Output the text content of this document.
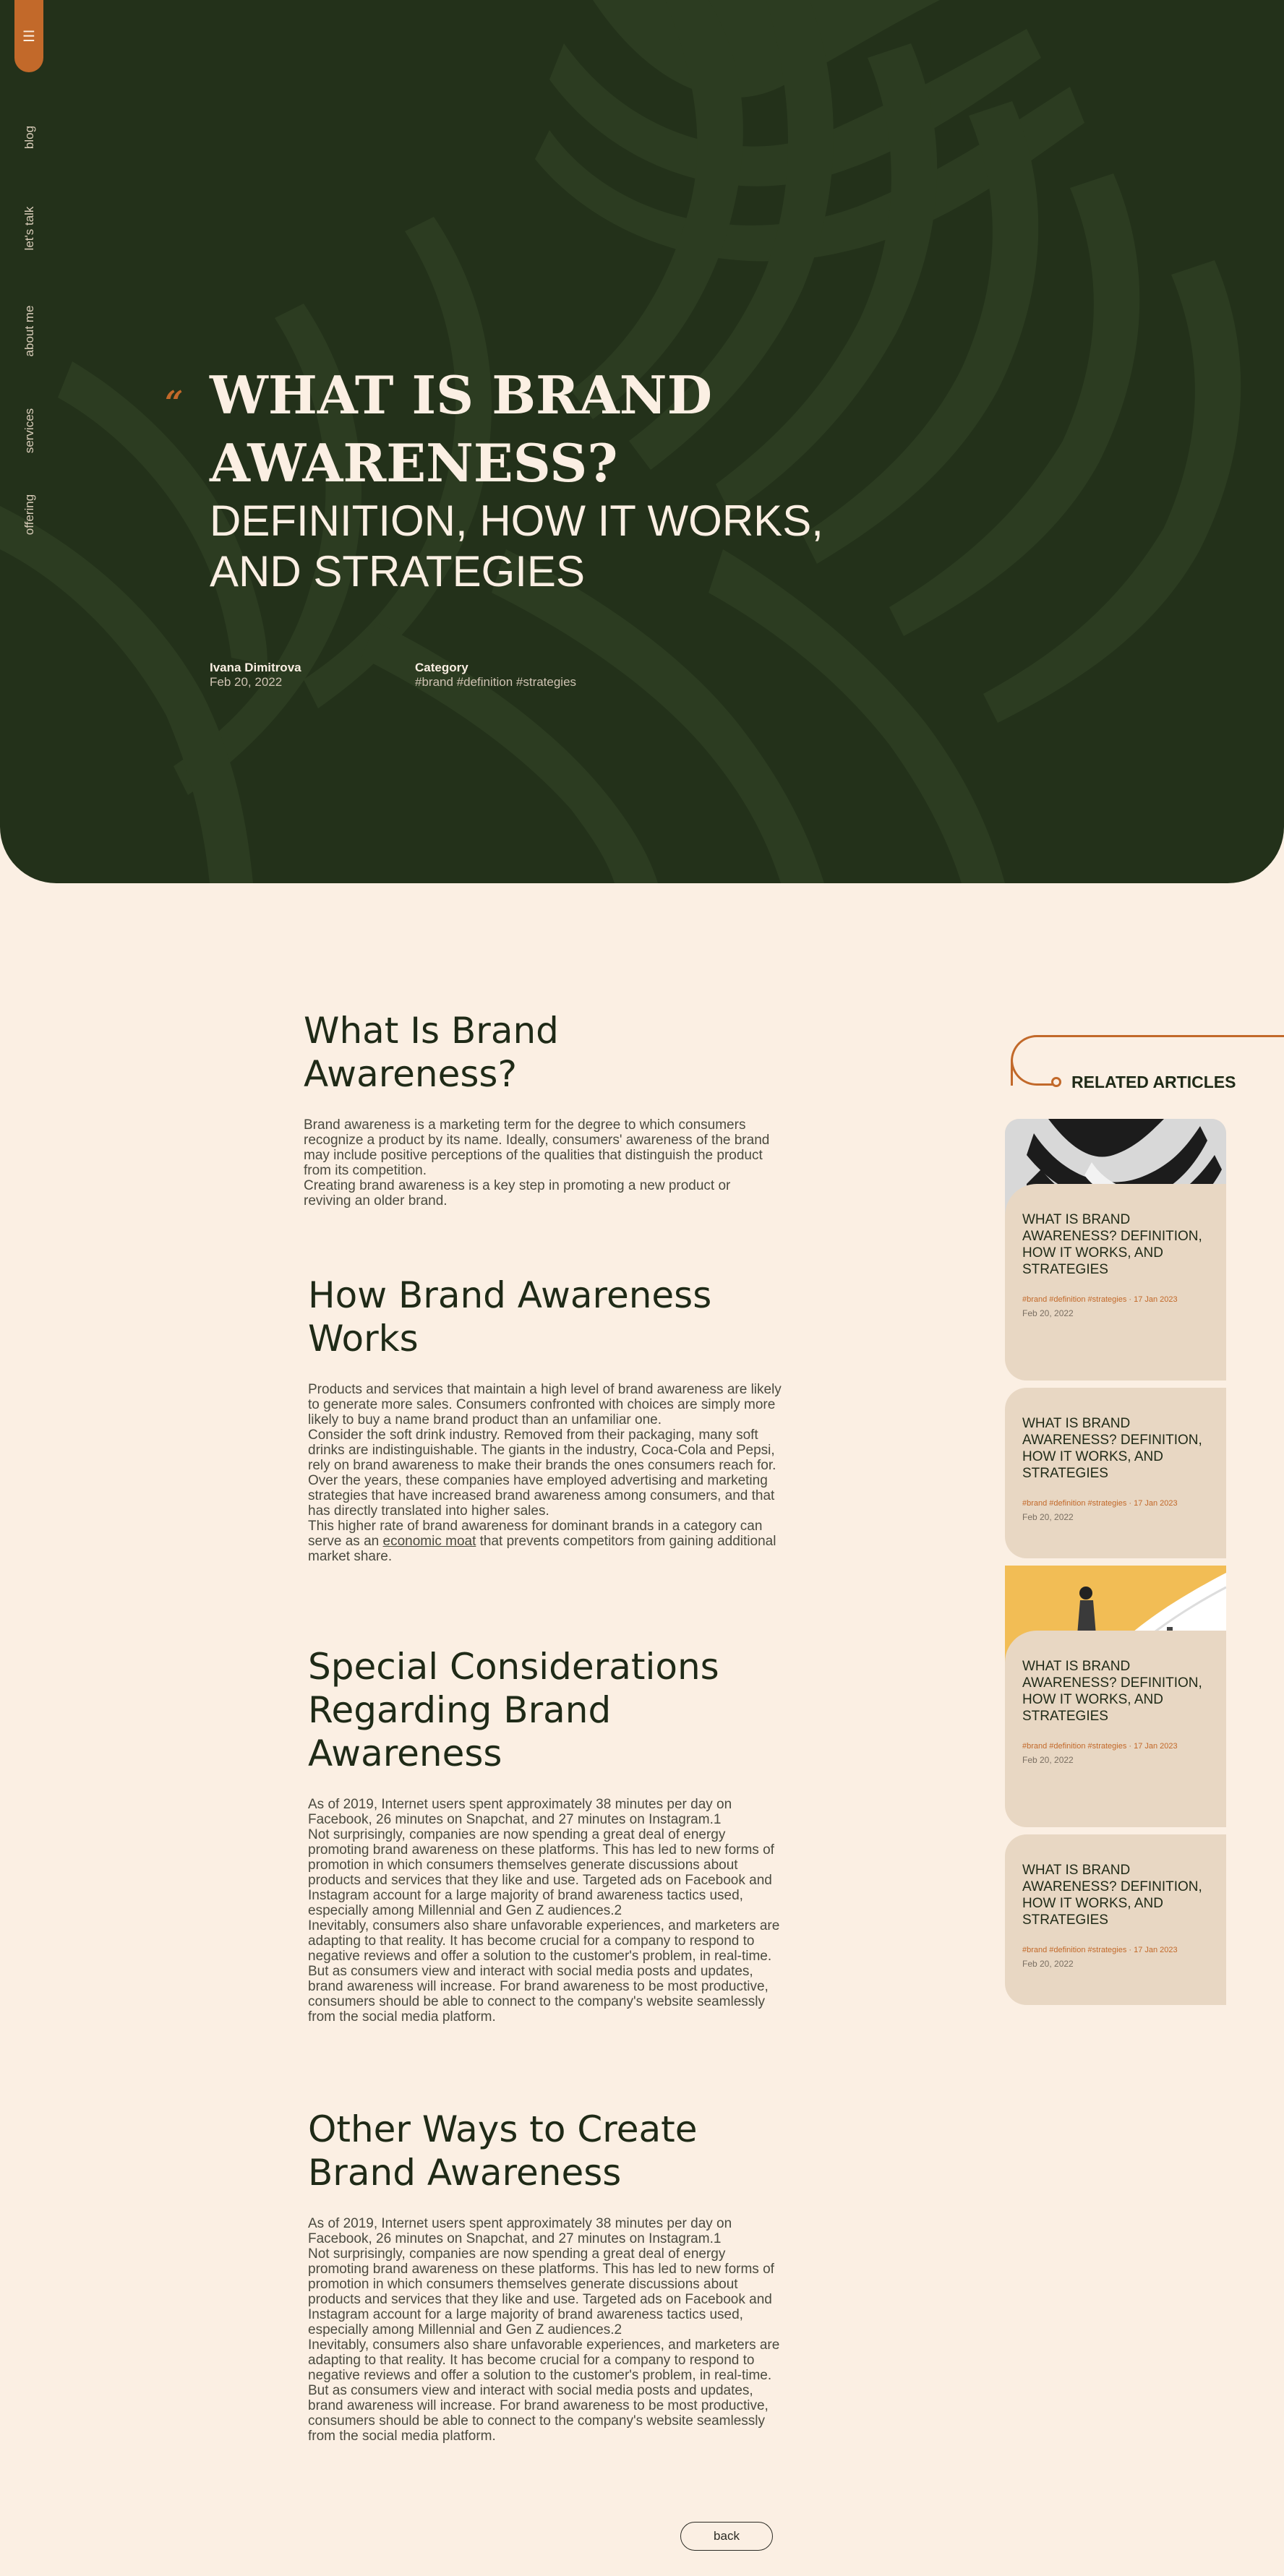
☰
blog
let's talk
about me
services
offering
“ WHAT IS BRAND AWARENESS?
DEFINITION, HOW IT WORKS, AND STRATEGIES
Ivana Dimitrova
Feb 20, 2022
Category
#brand #definition #strategies
What Is Brand Awareness?

Brand awareness is a marketing term for the degree to which consumers recognize a product by its name. Ideally, consumers' awareness of the brand may include positive perceptions of the qualities that distinguish the product from its competition.
Creating brand awareness is a key step in promoting a new product or reviving an older brand.

How Brand Awareness Works

Products and services that maintain a high level of brand awareness are likely to generate more sales. Consumers confronted with choices are simply more likely to buy a name brand product than an unfamiliar one.
Consider the soft drink industry. Removed from their packaging, many soft drinks are indistinguishable. The giants in the industry, Coca-Cola and Pepsi, rely on brand awareness to make their brands the ones consumers reach for. Over the years, these companies have employed advertising and marketing strategies that have increased brand awareness among consumers, and that has directly translated into higher sales.
This higher rate of brand awareness for dominant brands in a category can serve as an economic moat that prevents competitors from gaining additional market share.

Special Considerations Regarding Brand Awareness

As of 2019, Internet users spent approximately 38 minutes per day on Facebook, 26 minutes on Snapchat, and 27 minutes on Instagram.1
Not surprisingly, companies are now spending a great deal of energy promoting brand awareness on these platforms. This has led to new forms of promotion in which consumers themselves generate discussions about products and services that they like and use. Targeted ads on Facebook and Instagram account for a large majority of brand awareness tactics used, especially among Millennial and Gen Z audiences.2
Inevitably, consumers also share unfavorable experiences, and marketers are adapting to that reality. It has become crucial for a company to respond to negative reviews and offer a solution to the customer's problem, in real-time.
But as consumers view and interact with social media posts and updates, brand awareness will increase. For brand awareness to be most productive, consumers should be able to connect to the company's website seamlessly from the social media platform.

Other Ways to Create Brand Awareness

As of 2019, Internet users spent approximately 38 minutes per day on Facebook, 26 minutes on Snapchat, and 27 minutes on Instagram.1
Not surprisingly, companies are now spending a great deal of energy promoting brand awareness on these platforms. This has led to new forms of promotion in which consumers themselves generate discussions about products and services that they like and use. Targeted ads on Facebook and Instagram account for a large majority of brand awareness tactics used, especially among Millennial and Gen Z audiences.2
Inevitably, consumers also share unfavorable experiences, and marketers are adapting to that reality. It has become crucial for a company to respond to negative reviews and offer a solution to the customer's problem, in real-time.
But as consumers view and interact with social media posts and updates, brand awareness will increase. For brand awareness to be most productive, consumers should be able to connect to the company's website seamlessly from the social media platform.

RELATED ARTICLES
WHAT IS BRAND AWARENESS? DEFINITION, HOW IT WORKS, AND STRATEGIES
#brand #definition #strategies · 17 Jan 2023
Feb 20, 2022
WHAT IS BRAND AWARENESS? DEFINITION, HOW IT WORKS, AND STRATEGIES
#brand #definition #strategies · 17 Jan 2023
Feb 20, 2022
WHAT IS BRAND AWARENESS? DEFINITION, HOW IT WORKS, AND STRATEGIES
#brand #definition #strategies · 17 Jan 2023
Feb 20, 2022
WHAT IS BRAND AWARENESS? DEFINITION, HOW IT WORKS, AND STRATEGIES
#brand #definition #strategies · 17 Jan 2023
Feb 20, 2022
back
